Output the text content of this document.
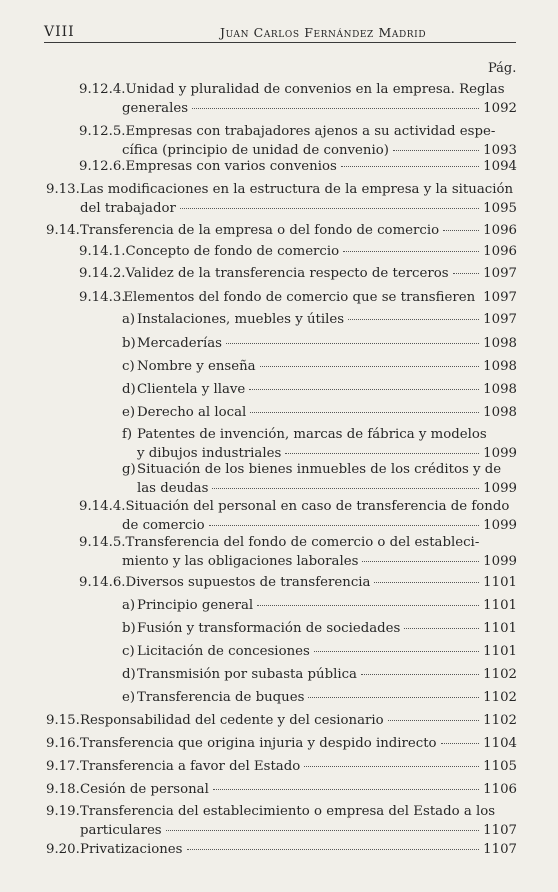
VIII	Juan Carlos Fernández Madrid
Pág.
9.12.4. Unidad y pluralidad de convenios en la empresa. Reglas
generales	1092
9.12.5. Empresas con trabajadores ajenos a su actividad espe-
cífica (principio de unidad de convenio)	1093
9.12.6. Empresas con varios convenios	1094
9.13. Las modificaciones en la estructura de la empresa y la situación
del trabajador	1095
9.14. Transferencia de la empresa o del fondo de comercio	1096
9.14.1. Concepto de fondo de comercio	1096
9.14.2. Validez de la transferencia respecto de terceros	1097
9.14.3.
Elementos del fondo de comercio que se transfieren 1097
a) Instalaciones, muebles y útiles	1097
b) Mercaderías	1098
c) Nombre y enseña	1098
d) Clientela y llave	1098
e) Derecho al local	1098
f) Patentes de invención, marcas de fábrica y modelos
y dibujos industriales	1099
g) Situación de los bienes inmuebles de los créditos y de
las deudas	1099
9.14.4. Situación del personal en caso de transferencia de fondo
de comercio	1099
9.14.5. Transferencia del fondo de comercio o del estableci-
miento y las obligaciones laborales	1099
9.14.6. Diversos supuestos de transferencia	1101
a) Principio general	1101
b) Fusión y transformación de sociedades	1101
c) Licitación de concesiones	1101
d) Transmisión por subasta pública	1102
e) Transferencia de buques	1102
9.15. Responsabilidad del cedente y del cesionario	1102
9.16. Transferencia que origina injuria y despido indirecto	1104
9.17. Transferencia a favor del Estado	1105
9.18. Cesión de personal	1106
9.19. Transferencia del establecimiento o empresa del Estado a los
particulares	1107
9.20. Privatizaciones	1107
